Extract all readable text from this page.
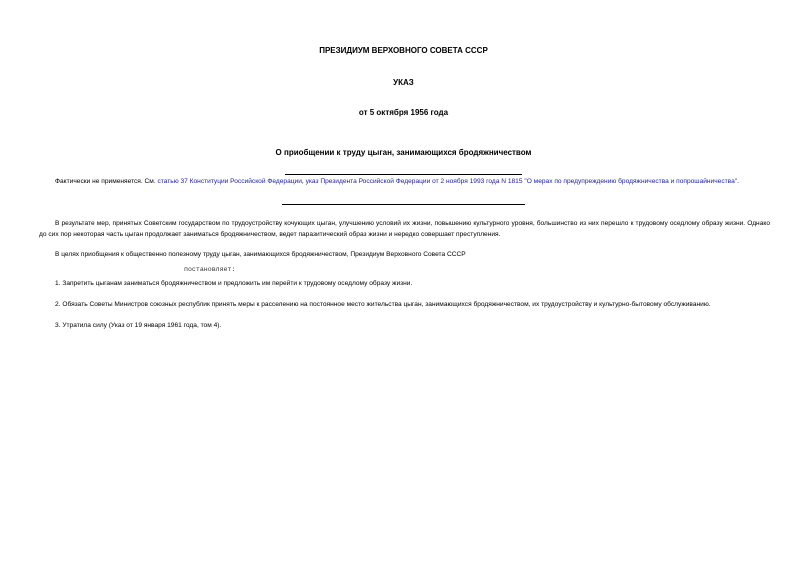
ПРЕЗИДИУМ ВЕРХОВНОГО СОВЕТА СССР
УКАЗ
от 5 октября 1956 года
О приобщении к труду цыган, занимающихся бродяжничеством
Фактически не применяется. См. статью 37 Конституции Российской Федерации, указ Президента Российской Федерации от 2 ноября 1993 года N 1815 "О мерах по предупреждению бродяжничества и попрошайничества".
В результате мер, принятых Советским государством по трудоустройству кочующих цыган, улучшению условий их жизни, повышению культурного уровня, большинство из них перешло к трудовому оседлому образу жизни. Однако до сих пор некоторая часть цыган продолжает заниматься бродяжничеством, ведет паразитический образ жизни и нередко совершает преступления.
В целях приобщения к общественно полезному труду цыган, занимающихся бродяжничеством, Президиум Верховного Совета СССР
постановляет:
1. Запретить цыганам заниматься бродяжничеством и предложить им перейти к трудовому оседлому образу жизни.
2. Обязать Советы Министров союзных республик принять меры к расселению на постоянное место жительства цыган, занимающихся бродяжничеством, их трудоустройству и культурно-бытовому обслуживанию.
3. Утратила силу (Указ от 19 января 1961 года, том 4).
